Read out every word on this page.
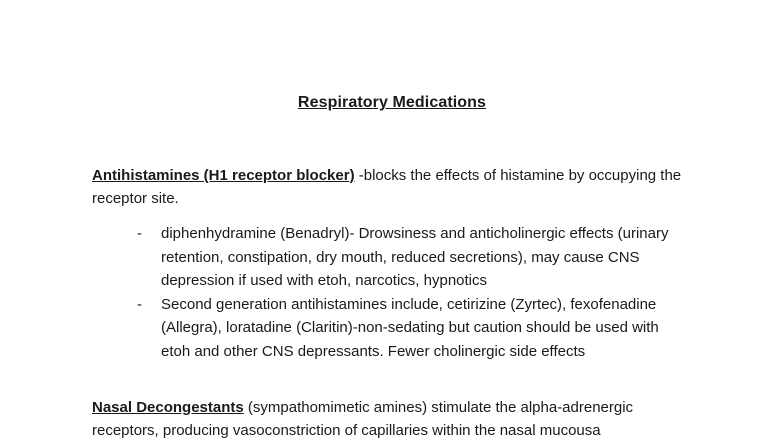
Respiratory Medications
Antihistamines (H1 receptor blocker) -blocks the effects of histamine by occupying the receptor site.
- diphenhydramine (Benadryl)- Drowsiness and anticholinergic effects (urinary retention, constipation, dry mouth, reduced secretions), may cause CNS depression if used with etoh, narcotics, hypnotics
- Second generation antihistamines include, cetirizine (Zyrtec), fexofenadine (Allegra), loratadine (Claritin)-non-sedating but caution should be used with etoh and other CNS depressants. Fewer cholinergic side effects
Nasal Decongestants (sympathomimetic amines) stimulate the alpha-adrenergic receptors, producing vasoconstriction of capillaries within the nasal mucousa
